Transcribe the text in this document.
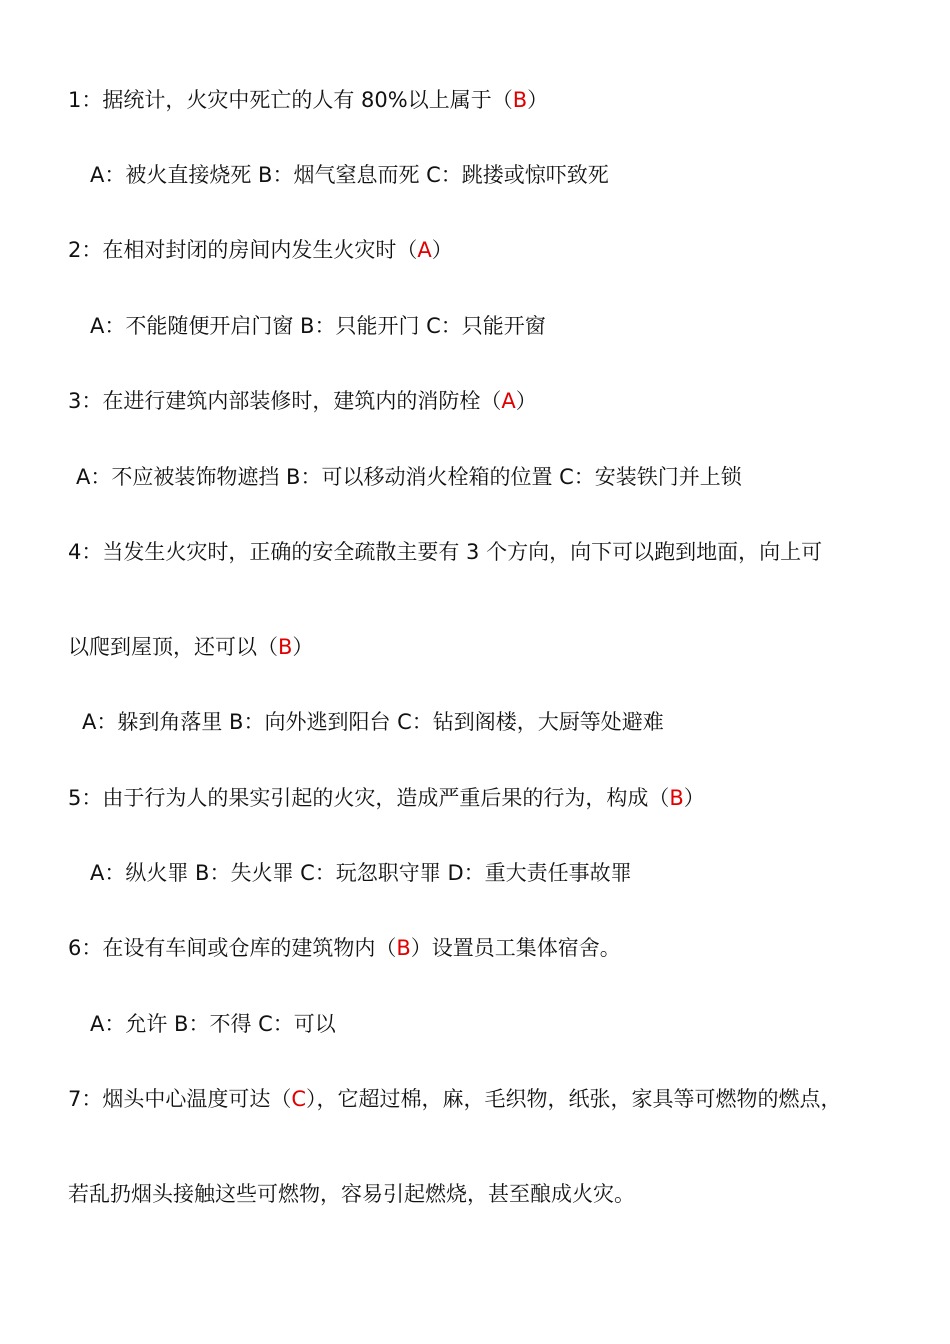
1：据统计，火灾中死亡的人有 80%以上属于（B）
A：被火直接烧死 B：烟气窒息而死 C：跳搂或惊吓致死
2：在相对封闭的房间内发生火灾时（A）
A：不能随便开启门窗 B：只能开门 C：只能开窗
3：在进行建筑内部装修时，建筑内的消防栓（A）
A：不应被装饰物遮挡 B：可以移动消火栓箱的位置 C：安装铁门并上锁
4：当发生火灾时，正确的安全疏散主要有 3 个方向，向下可以跑到地面，向上可
以爬到屋顶，还可以（B）
A：躲到角落里 B：向外逃到阳台 C：钻到阁楼，大厨等处避难
5：由于行为人的果实引起的火灾，造成严重后果的行为，构成（B）
A：纵火罪 B：失火罪 C：玩忽职守罪 D：重大责任事故罪
6：在设有车间或仓库的建筑物内（B）设置员工集体宿舍。
A：允许 B：不得 C：可以
7：烟头中心温度可达（C），它超过棉，麻，毛织物，纸张，家具等可燃物的燃点，
若乱扔烟头接触这些可燃物，容易引起燃烧，甚至酿成火灾。
